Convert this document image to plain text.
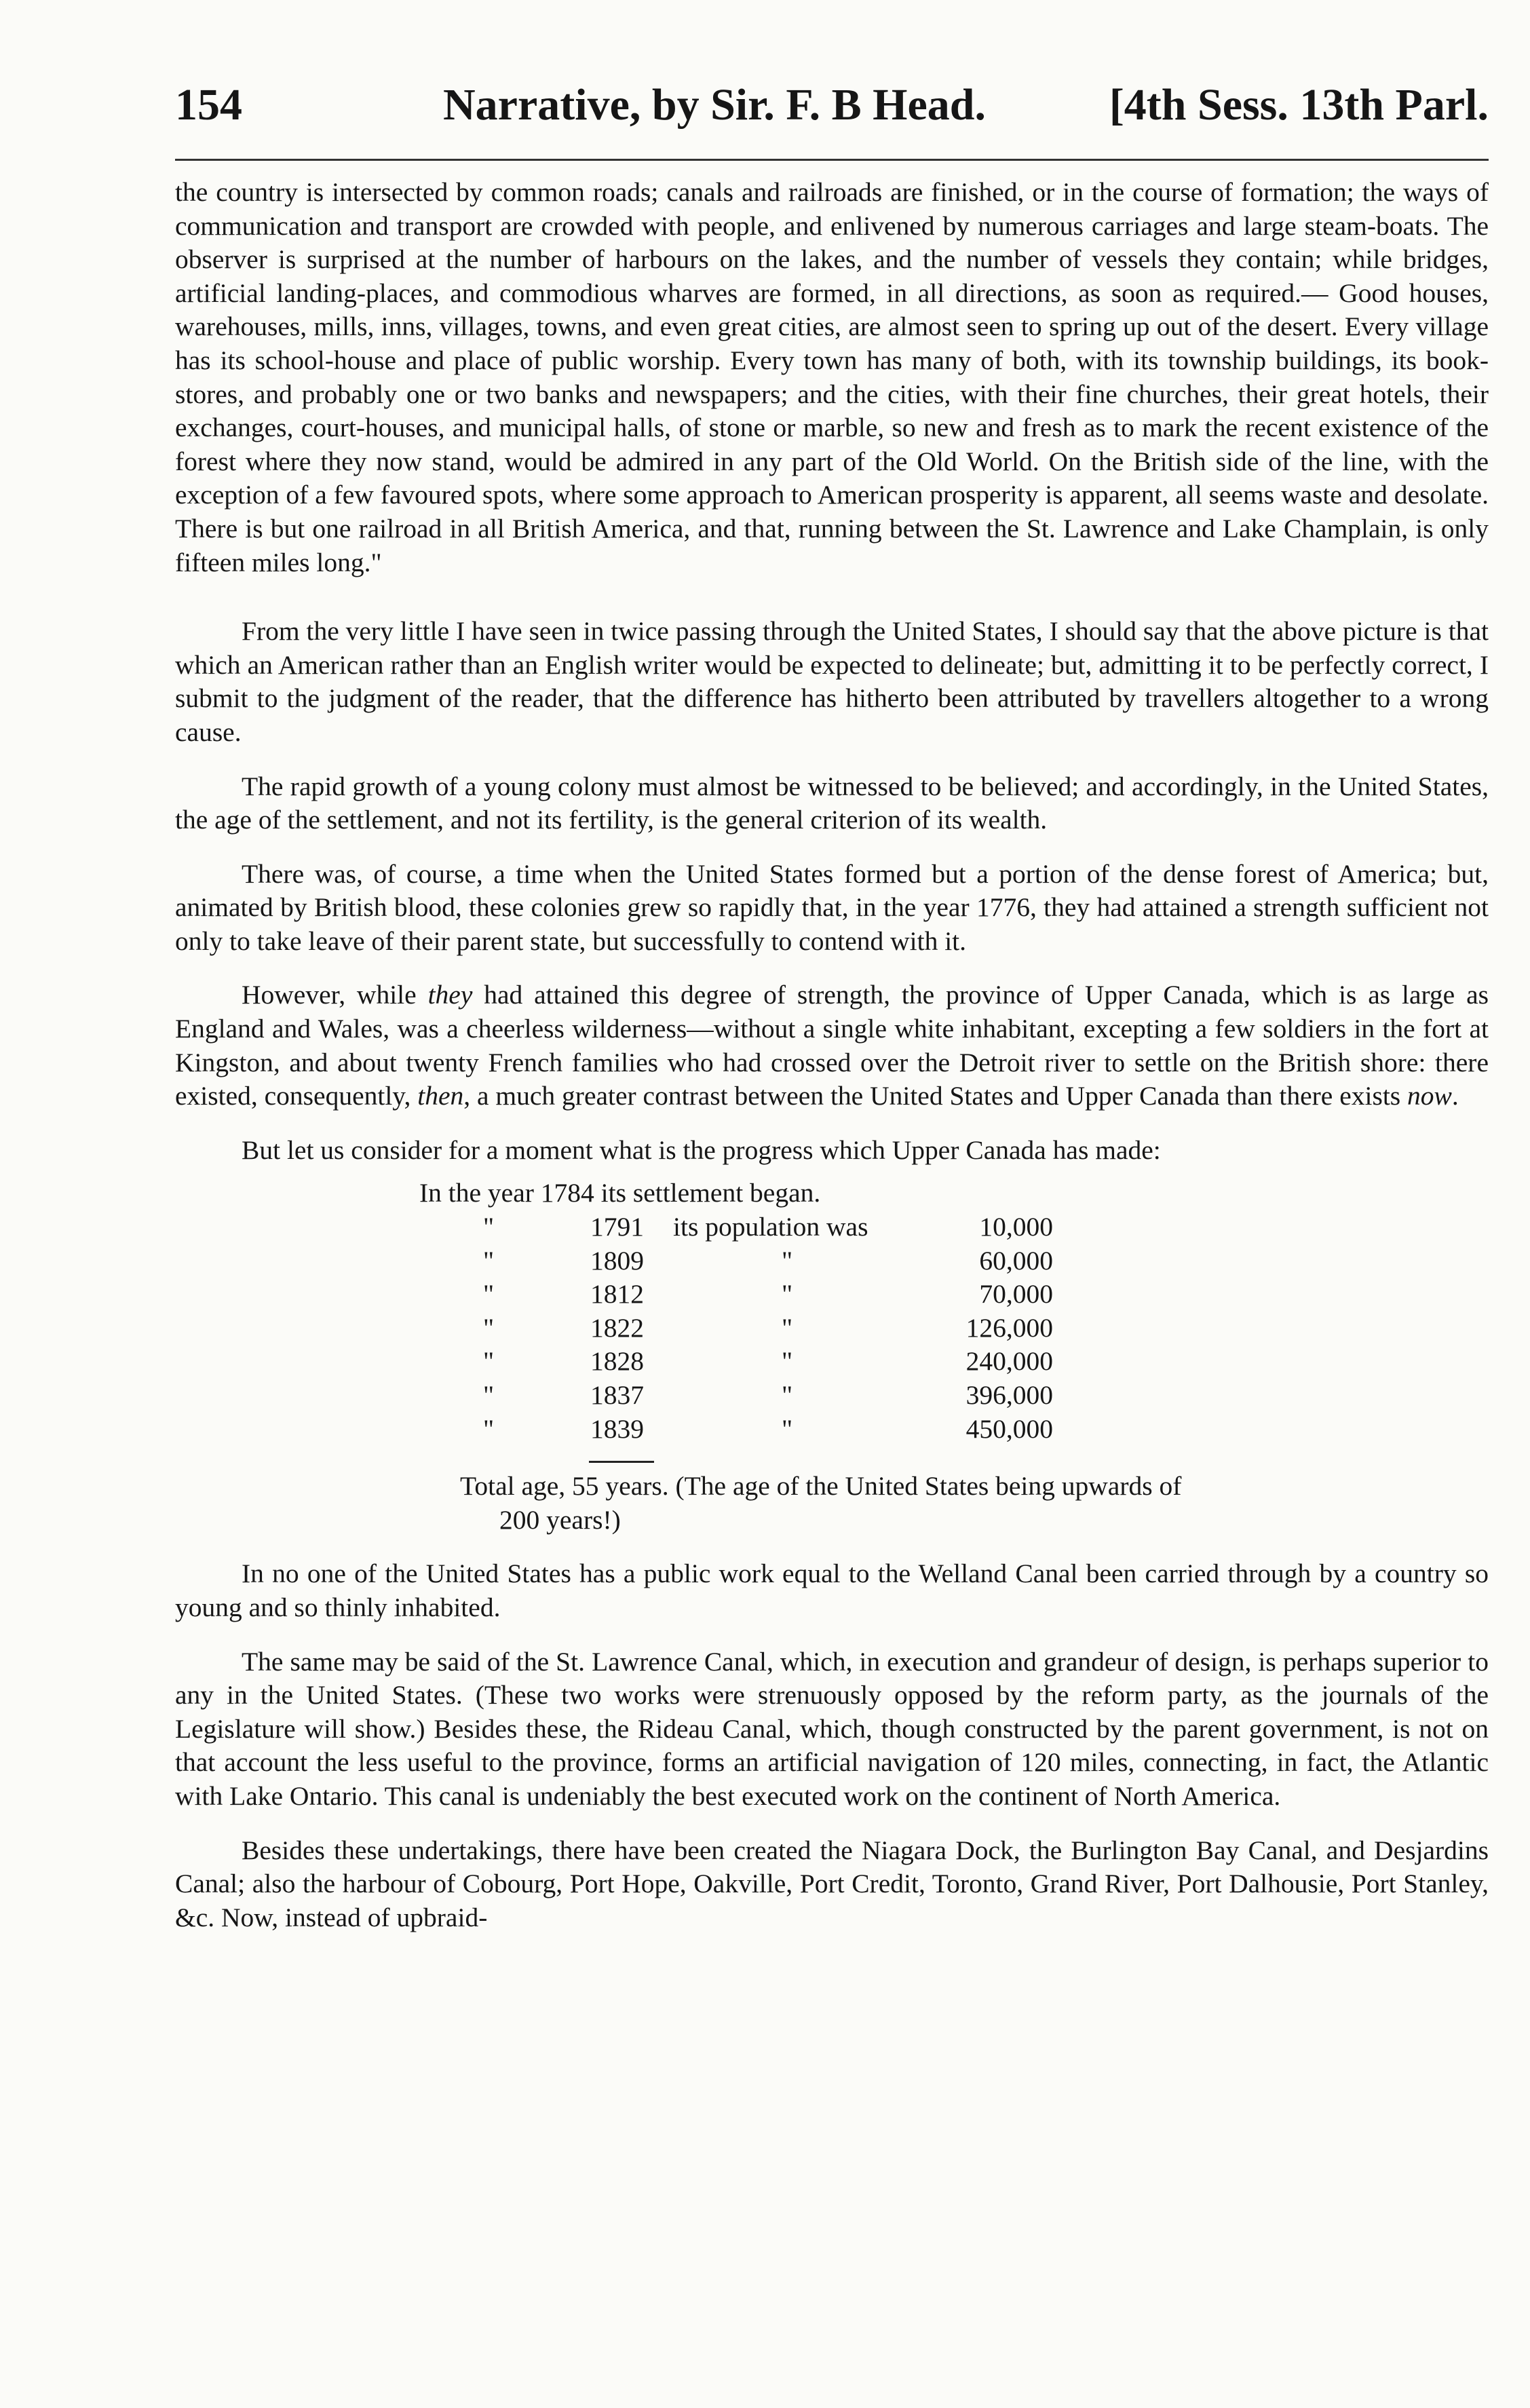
154	Narrative, by Sir. F. B Head.	[4th Sess. 13th Parl.

the country is intersected by common roads; canals and railroads are finished, or in the course of formation; the ways of communication and transport are crowded with people, and enlivened by numerous carriages and large steam-boats. The observer is surprised at the number of harbours on the lakes, and the number of vessels they contain; while bridges, artificial landing-places, and commodious wharves are formed, in all directions, as soon as required.— Good houses, warehouses, mills, inns, villages, towns, and even great cities, are almost seen to spring up out of the desert. Every village has its school-house and place of public worship. Every town has many of both, with its township buildings, its book-stores, and probably one or two banks and newspapers; and the cities, with their fine churches, their great hotels, their exchanges, court-houses, and municipal halls, of stone or marble, so new and fresh as to mark the recent existence of the forest where they now stand, would be admired in any part of the Old World. On the British side of the line, with the exception of a few favoured spots, where some approach to American prosperity is apparent, all seems waste and desolate. There is but one railroad in all British America, and that, running between the St. Lawrence and Lake Champlain, is only fifteen miles long."

From the very little I have seen in twice passing through the United States, I should say that the above picture is that which an American rather than an English writer would be expected to delineate; but, admitting it to be perfectly correct, I submit to the judgment of the reader, that the difference has hitherto been attributed by travellers altogether to a wrong cause.

The rapid growth of a young colony must almost be witnessed to be believed; and accordingly, in the United States, the age of the settlement, and not its fertility, is the general criterion of its wealth.

There was, of course, a time when the United States formed but a portion of the dense forest of America; but, animated by British blood, these colonies grew so rapidly that, in the year 1776, they had attained a strength sufficient not only to take leave of their parent state, but successfully to contend with it.

However, while they had attained this degree of strength, the province of Upper Canada, which is as large as England and Wales, was a cheerless wilderness—without a single white inhabitant, excepting a few soldiers in the fort at Kingston, and about twenty French families who had crossed over the Detroit river to settle on the British shore: there existed, consequently, then, a much greater contrast between the United States and Upper Canada than there exists now.

But let us consider for a moment what is the progress which Upper Canada has made:

In the year 1784 its settlement began.
"	1791 its population was	10,000
"	1809	"	60,000
"	1812	"	70,000
"	1822	"	126,000
"	1828	"	240,000
"	1837	"	396,000
"	1839	"	450,000
Total age, 55 years. (The age of the United States being upwards of
200 years!)

In no one of the United States has a public work equal to the Welland Canal been carried through by a country so young and so thinly inhabited.

The same may be said of the St. Lawrence Canal, which, in execution and grandeur of design, is perhaps superior to any in the United States. (These two works were strenuously opposed by the reform party, as the journals of the Legislature will show.) Besides these, the Rideau Canal, which, though constructed by the parent government, is not on that account the less useful to the province, forms an artificial navigation of 120 miles, connecting, in fact, the Atlantic with Lake Ontario. This canal is undeniably the best executed work on the continent of North America.

Besides these undertakings, there have been created the Niagara Dock, the Burlington Bay Canal, and Desjardins Canal; also the harbour of Cobourg, Port Hope, Oakville, Port Credit, Toronto, Grand River, Port Dalhousie, Port Stanley, &c. Now, instead of upbraid-
